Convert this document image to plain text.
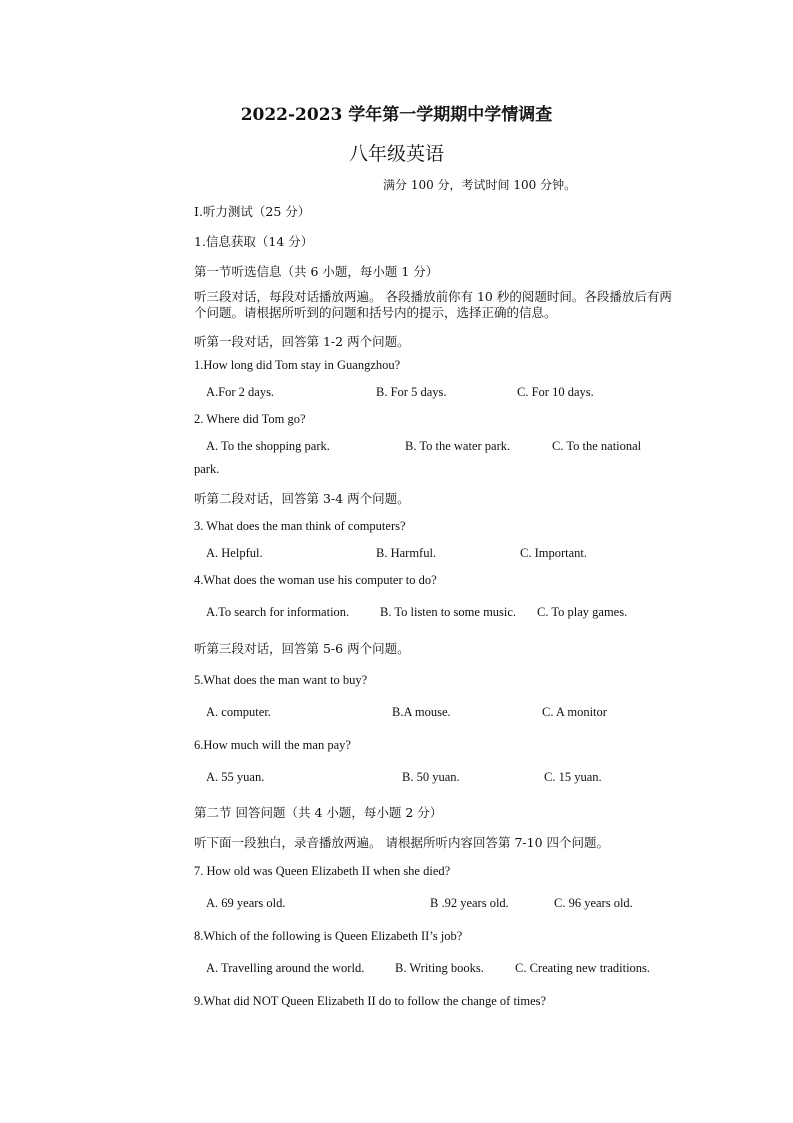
2022-2023 学年第一学期期中学情调查
八年级英语
满分 100 分，考试时间 100 分钟。
I.听力测试（25 分）
1.信息获取（14 分）
第一节听选信息（共 6 小题，每小题 1 分）
听三段对话，每段对话播放两遍。 各段播放前你有 10 秒的阅题时间。各段播放后有两个问题。请根据所听到的问题和括号内的提示，选择正确的信息。
听第一段对话，回答第 1-2 两个问题。
1.How long did Tom stay in Guangzhou?
A.For 2 days.	B. For 5 days.	C. For 10 days.
2. Where did Tom go?
A. To the shopping park.	B. To the water park.	C. To the national
park.
听第二段对话，回答第 3-4 两个问题。
3. What does the man think of computers?
A. Helpful.	B. Harmful.	C. Important.
4.What does the woman use his computer to do?
A.To search for information. B. To listen to some music. C. To play games.
听第三段对话，回答第 5-6 两个问题。
5.What does the man want to buy?
A. computer.	B.A mouse.	C. A monitor
6.How much will the man pay?
A. 55 yuan.	B. 50 yuan.	C. 15 yuan.
第二节 回答问题（共 4 小题，每小题 2 分）
听下面一段独白，录音播放两遍。 请根据所听内容回答第 7-10 四个问题。
7. How old was Queen Elizabeth II when she died?
A. 69 years old.	B .92 years old.	C. 96 years old.
8.Which of the following is Queen Elizabeth II’s job?
A. Travelling around the world. B. Writing books. C. Creating new traditions.
9.What did NOT Queen Elizabeth II do to follow the change of times?
